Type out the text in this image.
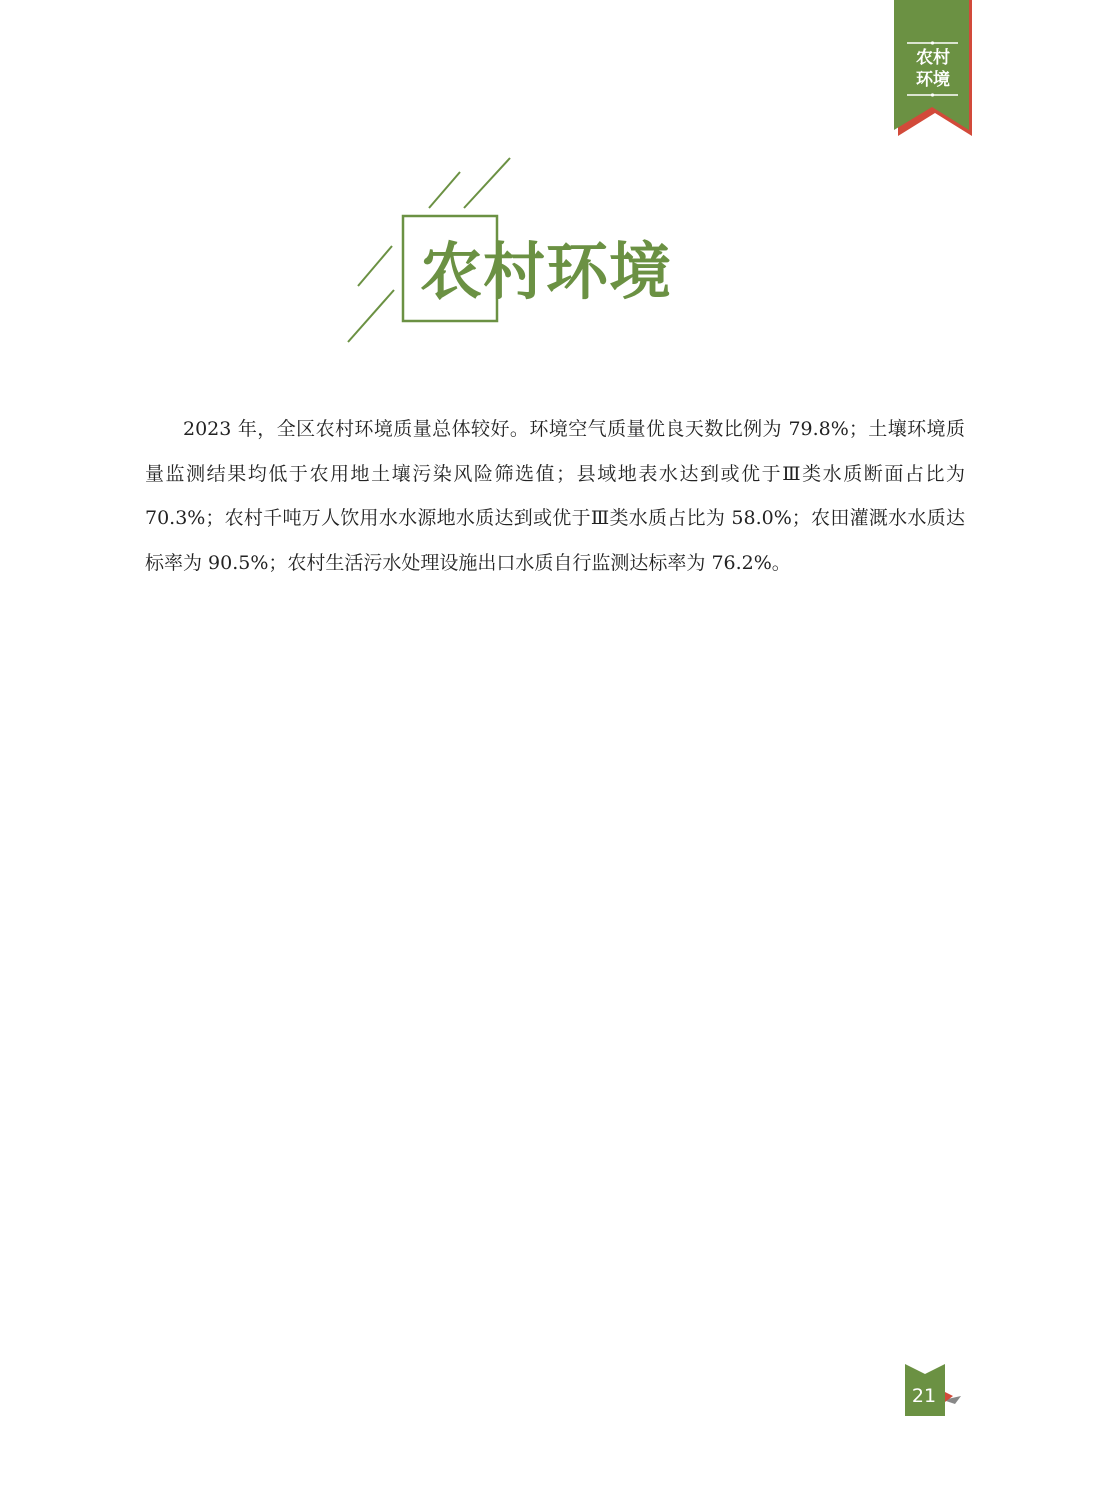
农村
环境
农村环境

2023 年，全区农村环境质量总体较好。环境空气质量优良天数比例为 79.8%；土壤环境质量监测结果均低于农用地土壤污染风险筛选值；县域地表水达到或优于Ⅲ类水质断面占比为 70.3%；农村千吨万人饮用水水源地水质达到或优于Ⅲ类水质占比为 58.0%；农田灌溉水水质达标率为 90.5%；农村生活污水处理设施出口水质自行监测达标率为 76.2%。

21
